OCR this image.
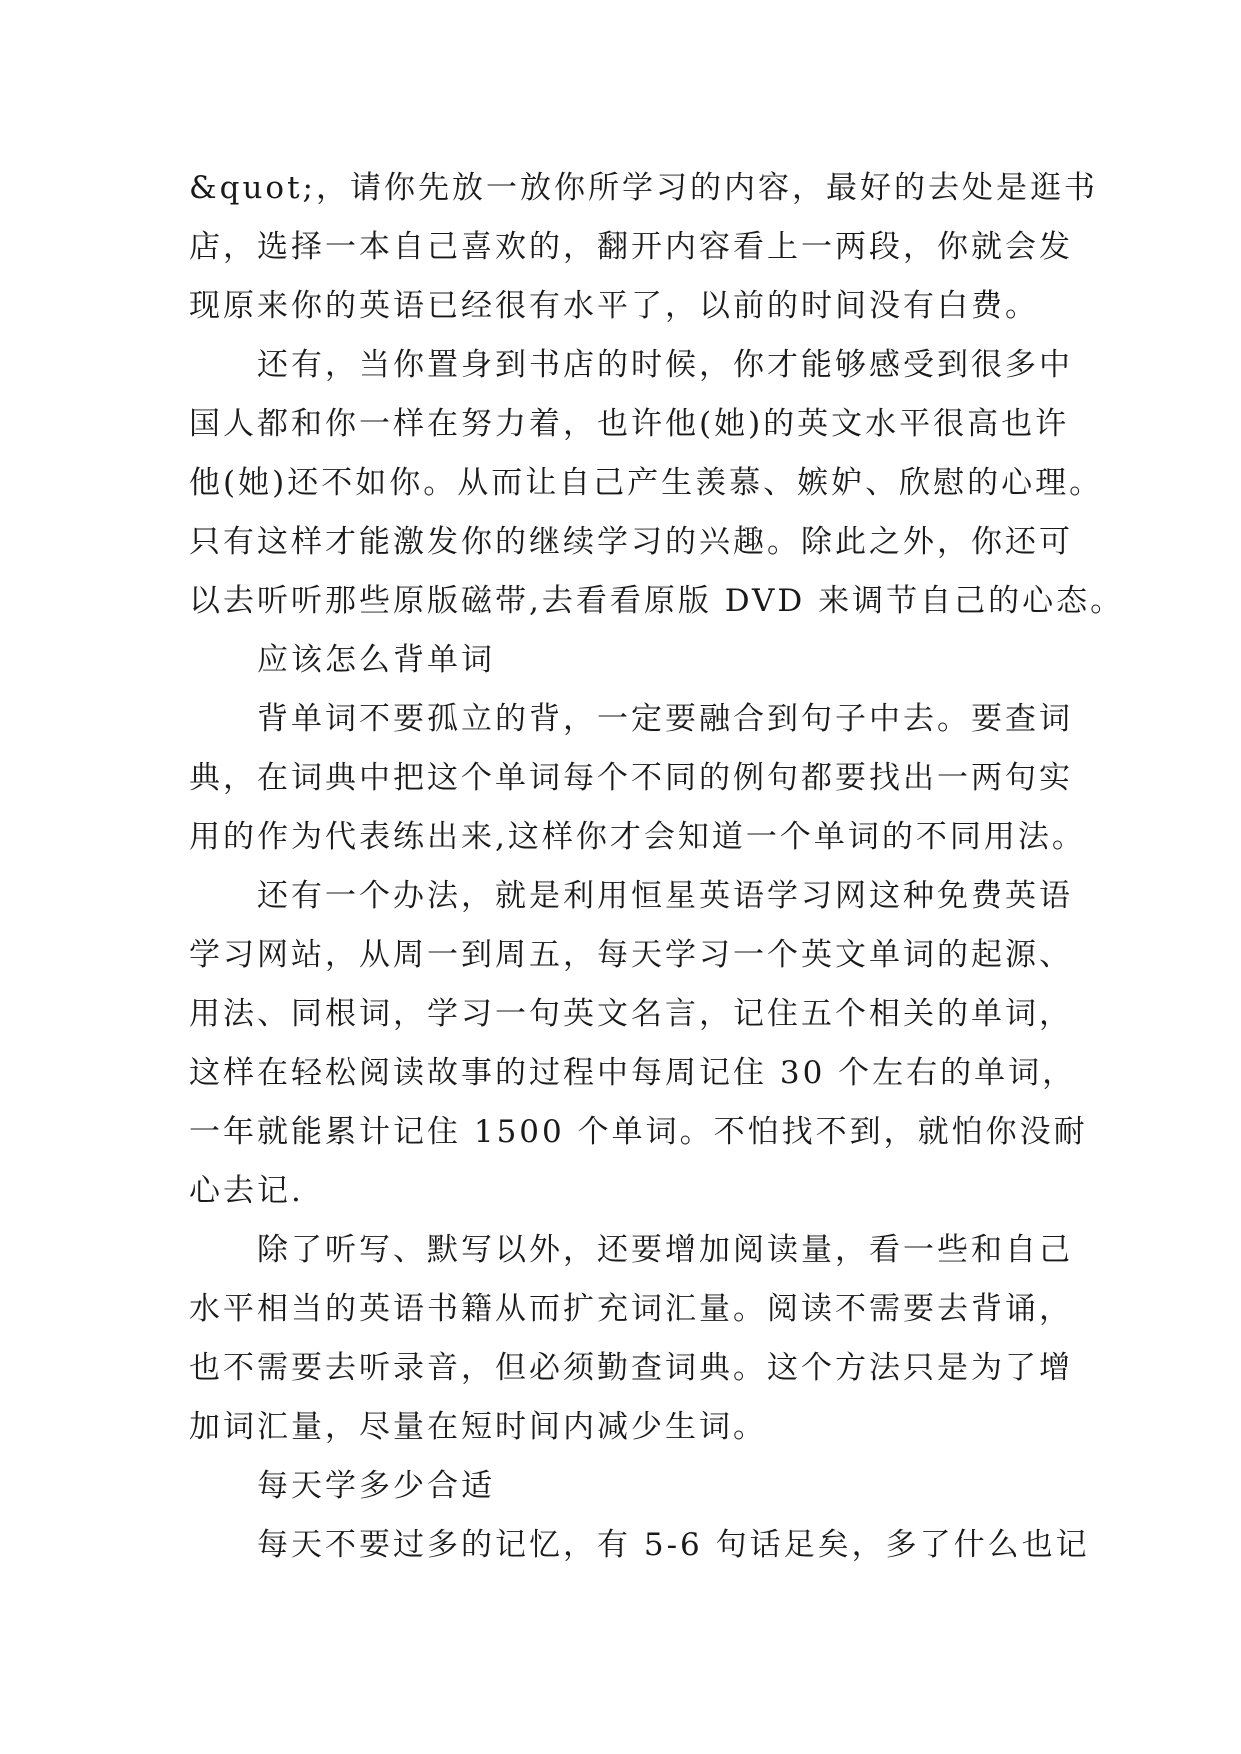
&quot;，请你先放一放你所学习的内容，最好的去处是逛书
店，选择一本自己喜欢的，翻开内容看上一两段，你就会发
现原来你的英语已经很有水平了，以前的时间没有白费。
还有，当你置身到书店的时候，你才能够感受到很多中
国人都和你一样在努力着，也许他(她)的英文水平很高也许
他(她)还不如你。从而让自己产生羡慕、嫉妒、欣慰的心理。
只有这样才能激发你的继续学习的兴趣。除此之外，你还可
以去听听那些原版磁带,去看看原版 DVD 来调节自己的心态。
应该怎么背单词
背单词不要孤立的背，一定要融合到句子中去。要查词
典，在词典中把这个单词每个不同的例句都要找出一两句实
用的作为代表练出来,这样你才会知道一个单词的不同用法。
还有一个办法，就是利用恒星英语学习网这种免费英语
学习网站，从周一到周五，每天学习一个英文单词的起源、
用法、同根词，学习一句英文名言，记住五个相关的单词，
这样在轻松阅读故事的过程中每周记住 30 个左右的单词，
一年就能累计记住 1500 个单词。不怕找不到，就怕你没耐
心去记.
除了听写、默写以外，还要增加阅读量，看一些和自己
水平相当的英语书籍从而扩充词汇量。阅读不需要去背诵，
也不需要去听录音，但必须勤查词典。这个方法只是为了增
加词汇量，尽量在短时间内减少生词。
每天学多少合适
每天不要过多的记忆，有 5-6 句话足矣，多了什么也记
